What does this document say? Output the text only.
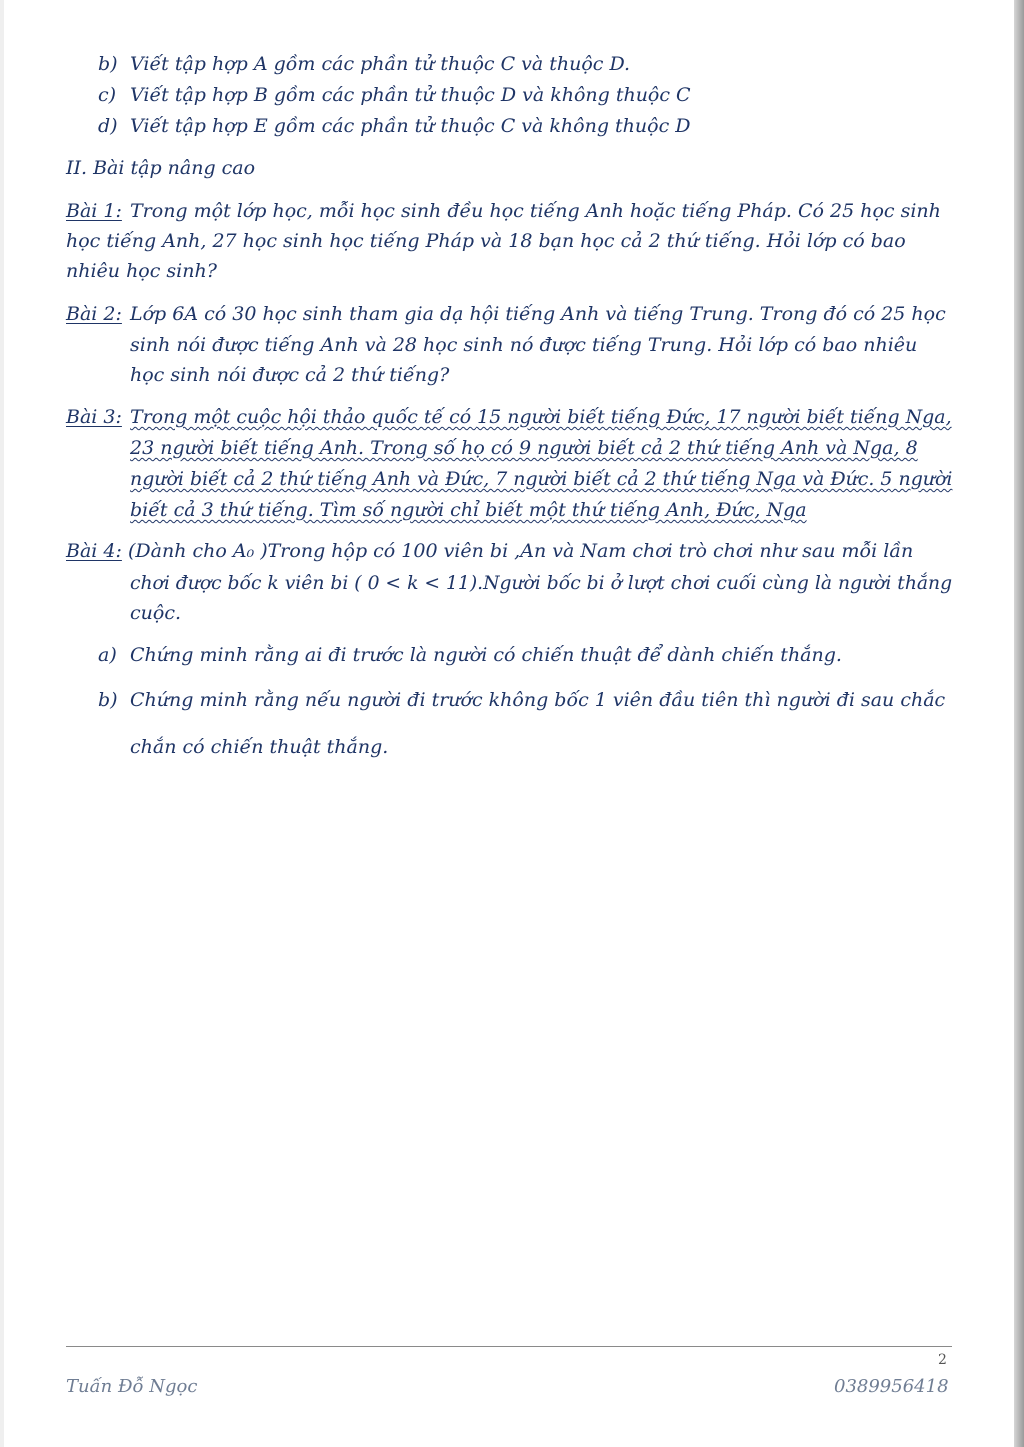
b) Viết tập hợp A gồm các phần tử thuộc C và thuộc D.
c) Viết tập hợp B gồm các phần tử thuộc D và không thuộc C
d) Viết tập hợp E gồm các phần tử thuộc C và không thuộc D
II. Bài tập nâng cao
Bài 1: Trong một lớp học, mỗi học sinh đều học tiếng Anh hoặc tiếng Pháp. Có 25 học sinh
học tiếng Anh, 27 học sinh học tiếng Pháp và 18 bạn học cả 2 thứ tiếng. Hỏi lớp có bao
nhiêu học sinh?
Bài 2: Lớp 6A có 30 học sinh tham gia dạ hội tiếng Anh và tiếng Trung. Trong đó có 25 học
sinh nói được tiếng Anh và 28 học sinh nó được tiếng Trung. Hỏi lớp có bao nhiêu
học sinh nói được cả 2 thứ tiếng?
Bài 3: Trong một cuộc hội thảo quốc tế có 15 người biết tiếng Đức, 17 người biết tiếng Nga,
23 người biết tiếng Anh. Trong số họ có 9 người biết cả 2 thứ tiếng Anh và Nga, 8
người biết cả 2 thứ tiếng Anh và Đức, 7 người biết cả 2 thứ tiếng Nga và Đức. 5 người
biết cả 3 thứ tiếng. Tìm số người chỉ biết một thứ tiếng Anh, Đức, Nga
Bài 4: (Dành cho A₀ )Trong hộp có 100 viên bi ,An và Nam chơi trò chơi như sau mỗi lần
chơi được bốc k viên bi ( 0 < k < 11).Người bốc bi ở lượt chơi cuối cùng là người thắng
cuộc.
a) Chứng minh rằng ai đi trước là người có chiến thuật để dành chiến thắng.
b) Chứng minh rằng nếu người đi trước không bốc 1 viên đầu tiên thì người đi sau chắc
chắn có chiến thuật thắng.
2
Tuấn Đỗ Ngọc	0389956418
